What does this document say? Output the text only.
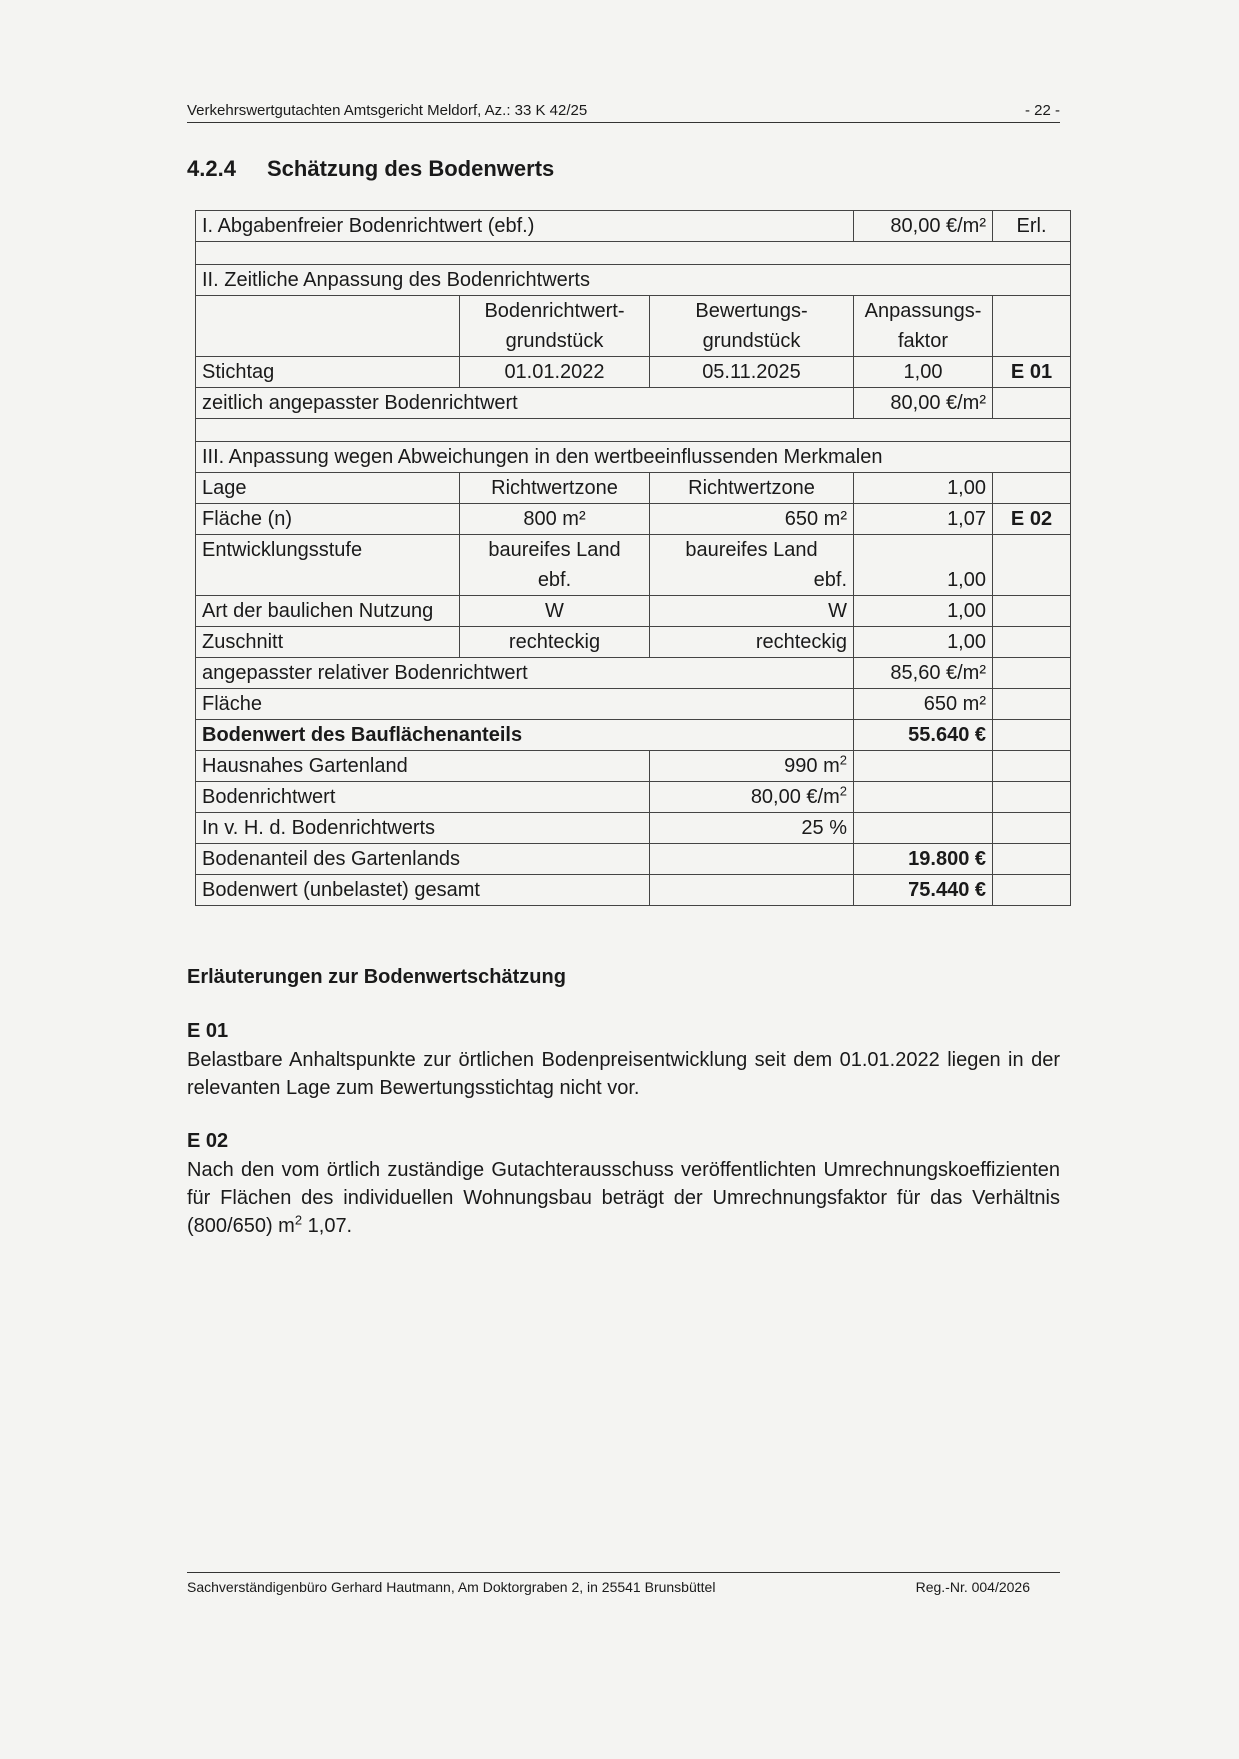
Verkehrswertgutachten Amtsgericht Meldorf, Az.: 33 K 42/25	- 22 -
4.2.4 Schätzung des Bodenwerts
I. Abgabenfreier Bodenrichtwert (ebf.)			80,00 €/m²	Erl.

II. Zeitliche Anpassung des Bodenrichtwerts				
	Bodenrichtwert-	Bewertungs-	Anpassungs-	
	grundstück	grundstück	faktor	
Stichtag	01.01.2022	05.11.2025	1,00	E 01
zeitlich angepasster Bodenrichtwert			80,00 €/m²	

III. Anpassung wegen Abweichungen in den wertbeeinflussenden Merkmalen				
Lage	Richtwertzone	Richtwertzone	1,00	
Fläche (n)	800 m²	650 m²	1,07	E 02
Entwicklungsstufe	baureifes Land	baureifes Land		
	ebf.	ebf.	1,00	
Art der baulichen Nutzung	W	W	1,00	
Zuschnitt	rechteckig	rechteckig	1,00	
angepasster relativer Bodenrichtwert			85,60 €/m²	
Fläche			650 m²	
Bodenwert des Bauflächenanteils			55.640 €	
Hausnahes Gartenland		990 $m^2$		
Bodenrichtwert		80,00 $€/m^2$		
In v. H. d. Bodenrichtwerts		25 %		
Bodenanteil des Gartenlands			19.800 €	
Bodenwert (unbelastet) gesamt			75.440 €	
Erläuterungen zur Bodenwertschätzung
E 01
Belastbare Anhaltspunkte zur örtlichen Bodenpreisentwicklung seit dem 01.01.2022 liegen in der relevanten Lage zum Bewertungsstichtag nicht vor.
E 02
Nach den vom örtlich zuständige Gutachterausschuss veröffentlichten Umrechnungskoeffizienten für Flächen des individuellen Wohnungsbau beträgt der Umrechnungsfaktor für das Verhältnis (800/650) $m^2$ 1,07.
Sachverständigenbüro Gerhard Hautmann, Am Doktorgraben 2, in 25541 Brunsbüttel	Reg.-Nr. 004/2026
